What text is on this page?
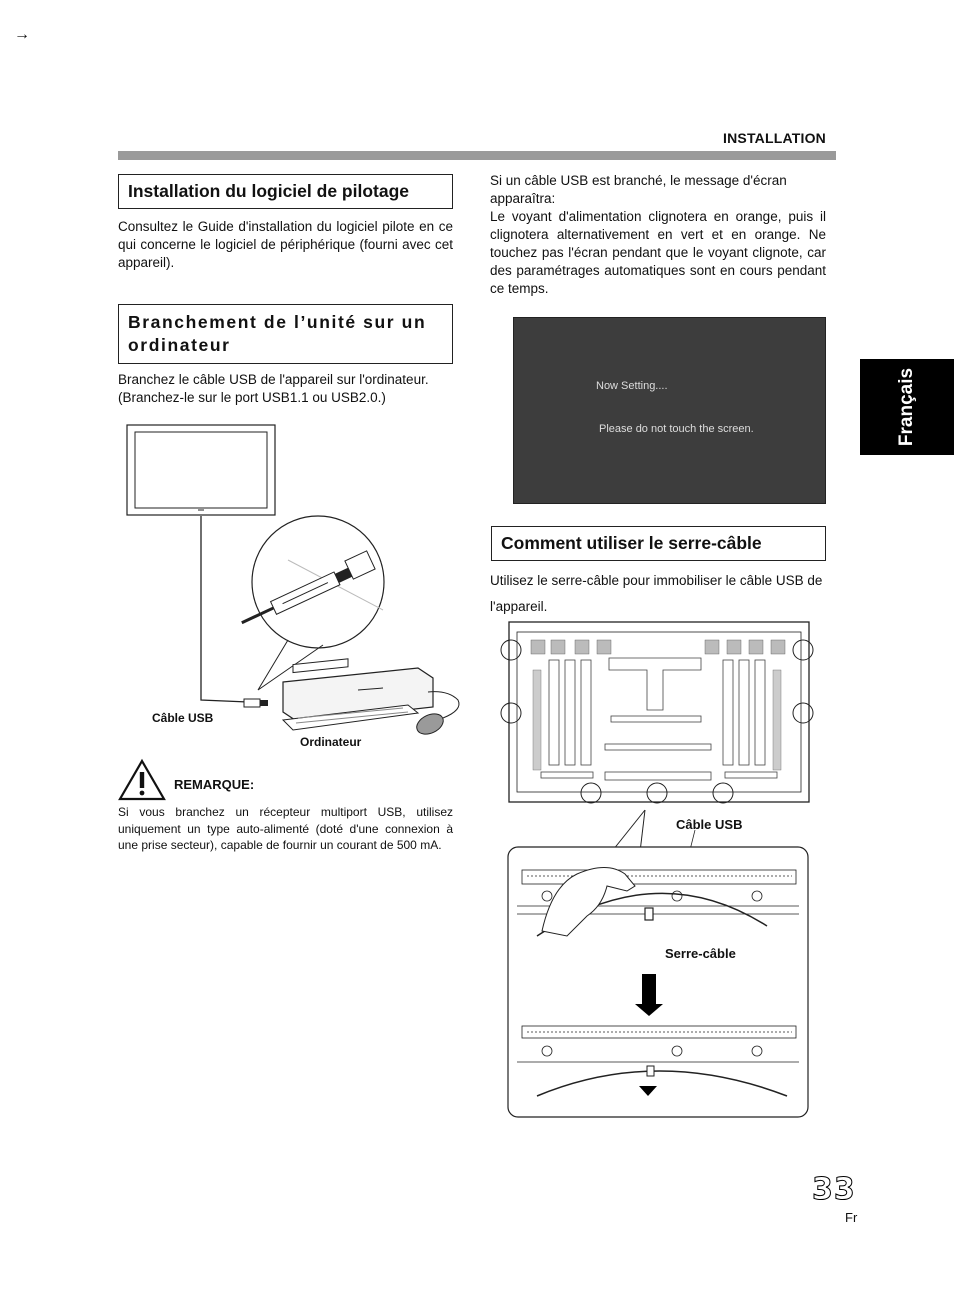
→
INSTALLATION
Installation du logiciel de pilotage
Consultez le Guide d'installation du logiciel pilote en ce qui concerne le logiciel de périphérique (fourni avec cet appareil).
Branchement de l’unité sur un ordinateur
Branchez le câble USB de l'appareil sur l'ordinateur.
(Branchez-le sur le port USB1.1 ou USB2.0.)
Câble USB
Ordinateur
REMARQUE:
Si vous branchez un récepteur multiport USB, utilisez uniquement un type auto-alimenté (doté d'une connexion à une prise secteur), capable de fournir un courant de 500 mA.
Si un câble USB est branché, le message d'écran apparaîtra:
Le voyant d'alimentation clignotera en orange, puis il clignotera alternativement en vert et en orange. Ne touchez pas l'écran pendant que le voyant clignote, car des paramétrages automatiques sont en cours pendant ce temps.
Now Setting....
Please do not touch the screen.
Comment utiliser le serre-câble
Utilisez le serre-câble pour immobiliser le câble USB de l'appareil.
Câble USB
Serre-câble
Français
33
Fr
